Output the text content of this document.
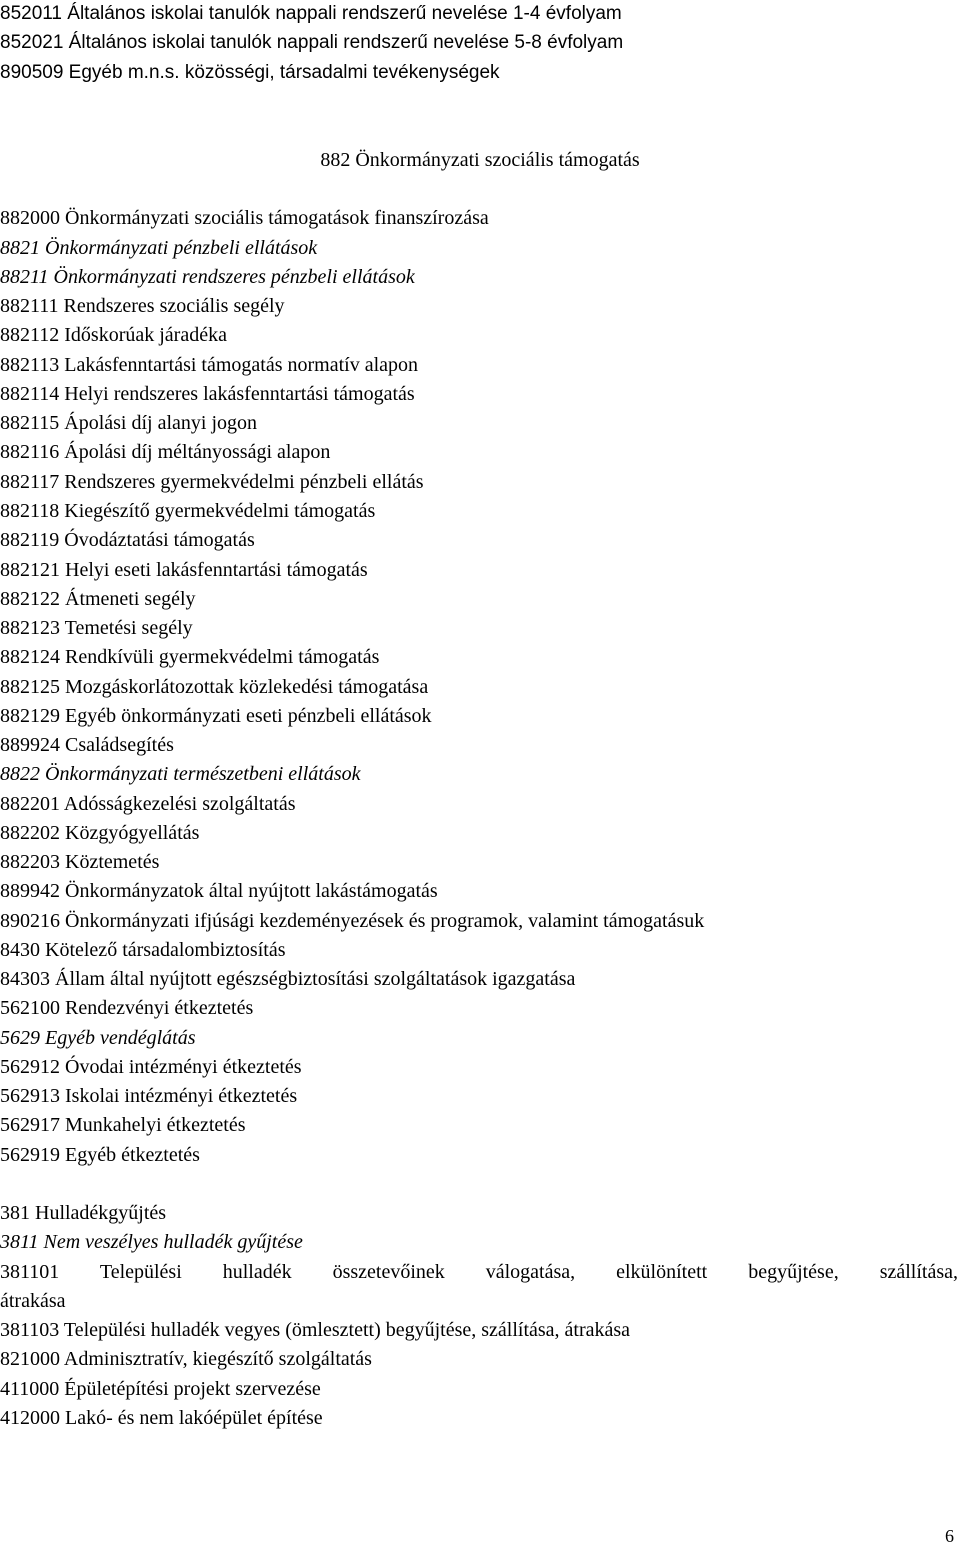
852011 Általános iskolai tanulók nappali rendszerű nevelése 1-4 évfolyam
852021 Általános iskolai tanulók nappali rendszerű nevelése 5-8 évfolyam
890509 Egyéb m.n.s. közösségi, társadalmi tevékenységek
882 Önkormányzati szociális támogatás
882000 Önkormányzati szociális támogatások finanszírozása
8821 Önkormányzati pénzbeli ellátások
88211 Önkormányzati rendszeres pénzbeli ellátások
882111 Rendszeres szociális segély
882112 Időskorúak járadéka
882113 Lakásfenntartási támogatás normatív alapon
882114 Helyi rendszeres lakásfenntartási támogatás
882115 Ápolási díj alanyi jogon
882116 Ápolási díj méltányossági alapon
882117 Rendszeres gyermekvédelmi pénzbeli ellátás
882118 Kiegészítő gyermekvédelmi támogatás
882119 Óvodáztatási támogatás
882121 Helyi eseti lakásfenntartási támogatás
882122 Átmeneti segély
882123 Temetési segély
882124 Rendkívüli gyermekvédelmi támogatás
882125 Mozgáskorlátozottak közlekedési támogatása
882129 Egyéb önkormányzati eseti pénzbeli ellátások
889924 Családsegítés
8822 Önkormányzati természetbeni ellátások
882201 Adósságkezelési szolgáltatás
882202 Közgyógyellátás
882203 Köztemetés
889942 Önkormányzatok által nyújtott lakástámogatás
890216 Önkormányzati ifjúsági kezdeményezések és programok, valamint támogatásuk
8430 Kötelező társadalombiztosítás
84303 Állam által nyújtott egészségbiztosítási szolgáltatások igazgatása
562100 Rendezvényi étkeztetés
5629 Egyéb vendéglátás
562912 Óvodai intézményi étkeztetés
562913 Iskolai intézményi étkeztetés
562917 Munkahelyi étkeztetés
562919 Egyéb étkeztetés
381 Hulladékgyűjtés
3811 Nem veszélyes hulladék gyűjtése
381101 Települési hulladék összetevőinek válogatása, elkülönített begyűjtése, szállítása,
átrakása
381103 Települési hulladék vegyes (ömlesztett) begyűjtése, szállítása, átrakása
821000 Adminisztratív, kiegészítő szolgáltatás
411000 Épületépítési projekt szervezése
412000 Lakó- és nem lakóépület építése
6
